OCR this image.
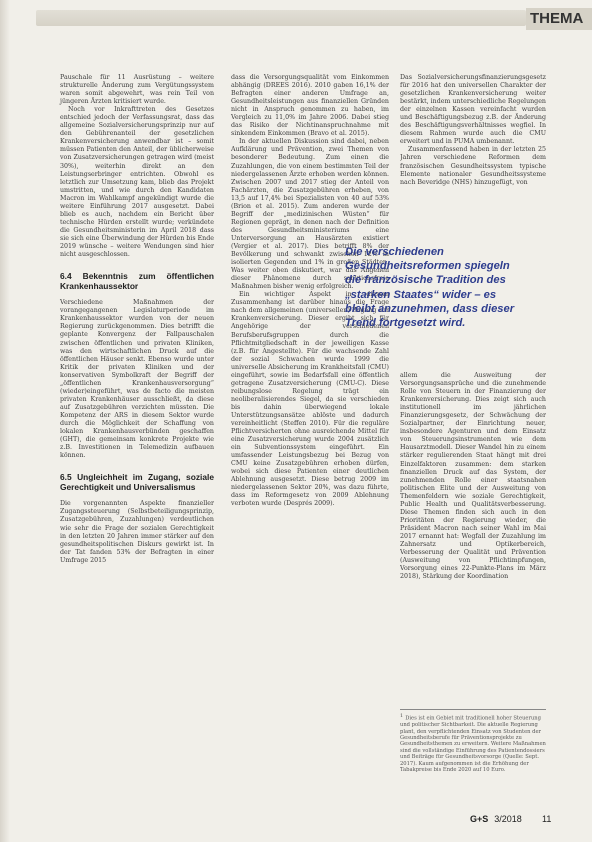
THEMA

Pauschale für 11 Ausrüstung – weitere strukturelle Änderung zum Vergütungssystem waren somit abgewehrt, was rein Teil von jüngeren Ärzten kritisiert wurde.

Noch vor Inkrafttreten des Gesetzes entschied jedoch der Verfassungsrat, dass das allgemeine Sozialversicherungsprinzip nur auf den Gebührenanteil der gesetzlichen Krankenversicherung anwendbar ist – somit müssen Patienten den Anteil, der üblicherweise von Zusatzversicherungen getragen wird (meist 30%), weiterhin direkt an den Leistungserbringer entrichten. Obwohl es letztlich zur Umsetzung kam, blieb das Projekt umstritten, und wie durch den Kandidaten Macron im Wahlkampf angekündigt wurde die weitere Einführung 2017 ausgesetzt. Dabei blieb es auch, nachdem ein Bericht über technische Hürden erstellt wurde; verkündete die Gesundheitsministerin im April 2018 dass sie sich eine Überwindung der Hürden bis Ende 2019 wünsche – weitere Wendungen sind hier nicht ausgeschlossen.

6.4 Bekenntnis zum öffentlichen Krankenhaussektor

Verschiedene Maßnahmen der vorangegangenen Legislaturperiode im Krankenhaussektor wurden von der neuen Regierung zurückgenommen. Dies betrifft die geplante Konvergenz der Fallpauschalen zwischen öffentlichen und privaten Kliniken, was den wirtschaftlichen Druck auf die öffentlichen Häuser senkt. Ebenso wurde unter Kritik der privaten Kliniken und der konservativen Symbolkraft der Begriff der „öffentlichen Krankenhausversorgung“ (wieder)eingeführt, was de facto die meisten privaten Krankenhäuser ausschließt, da diese auf Zusatzgebühren verzichten müssten. Die Kompetenz der ARS in diesem Sektor wurde durch die Möglichkeit der Schaffung von lokalen Krankenhausverbünden geschaffen (GHT), die gemeinsam konkrete Projekte wie z.B. Investitionen in Telemedizin aufbauen können.

6.5 Ungleichheit im Zugang, soziale Gerechtigkeit und Universalismus

Die vorgenannten Aspekte finanzieller Zugangssteuerung (Selbstbeteiligungsprinzip, Zusatzgebühren, Zuzahlungen) verdeutlichen wie sehr die Frage der sozialen Gerechtigkeit in den letzten 20 Jahren immer stärker auf den gesundheitspolitischen Diskurs gewirkt ist. In der Tat fanden 53% der Befragten in einer Umfrage 2015

dass die Versorgungsqualität vom Einkommen abhängig (DREES 2016). 2010 gaben 16,1% der Befragten einer anderen Umfrage an, Gesundheitsleistungen aus finanziellen Gründen nicht in Anspruch genommen zu haben, im Vergleich zu 11,0% im Jahre 2006. Dabei stieg das Risiko der Nichtinanspruchnahme mit sinkendem Einkommen (Bravo et al. 2015).

In der aktuellen Diskussion sind dabei, neben Aufklärung und Prävention, zwei Themen von besonderer Bedeutung. Zum einen die Zuzahlungen, die von einem bestimmten Teil der niedergelassenen Ärzte erhoben werden können. Zwischen 2007 und 2017 stieg der Anteil von Fachärzten, die Zusatzgebühren erheben, von 13,5 auf 17,4% bei Spezialisten von 40 auf 53% (Brion et al. 2015). Zum anderen wurde der Begriff der „medizinischen Wüsten“ für Regionen geprägt, in denen nach der Definition des Gesundheitsministeriums eine Unterversorgung an Hausärzten existiert (Vergier et al. 2017). Dies betrifft 8% der Bevölkerung und schwankt zwischen 12% in isolierten Gegenden und 1% in großen Städten. Was weiter oben diskutiert, war das Angehen dieser Phänomene durch sanktionsfreie Maßnahmen bisher wenig erfolgreich.

Ein wichtiger Aspekt in diesem Zusammenhang ist darüber hinaus die Frage nach dem allgemeinen (universellen) Zugang zur Krankenversicherung. Dieser ergibt sich für Angehörige der verschiedenen Berufsberufsgruppen durch die Pflichtmitgliedschaft in der jeweiligen Kasse (z.B. für Angestellte). Für die wachsende Zahl der sozial Schwachen wurde 1999 die universelle Absicherung im Krankheitsfall (CMU) eingeführt, sowie im Bedarfsfall eine öffentlich getragene Zusatzversicherung (CMU-C). Diese reibungslose Regelung trägt ein neoliberalisierendes Siegel, da sie verschieden bis dahin überwiegend lokale Unterstützungsansätze ablöste und dadurch vereinheitlicht (Steffen 2010). Für die reguläre Pflichtversicherten ohne ausreichende Mittel für eine Zusatzversicherung wurde 2004 zusätzlich ein Subventionssystem eingeführt. Ein umfassender Leistungsbezug bei Bezug von CMU keine Zusatzgebühren erhoben dürfen, wobei sich diese Patienten einer deutlichen Ablehnung ausgesetzt. Diese betrug 2009 im niedergelassenen Sektor 20%, was dazu führte, dass im Reformgesetz von 2009 Ablehnung verboten wurde (Després 2009).

Das Sozialversicherungsfinanzierungsgesetz für 2016 hat den universellen Charakter der gesetzlichen Krankenversicherung weiter bestärkt, indem unterschiedliche Regelungen der einzelnen Kassen vereinfacht wurden und Beschäftigungsbezug z.B. der Änderung des Beschäftigungsverhältnisses wegfiel. In diesem Rahmen wurde auch die CMU erweitert und in PUMA umbenannt.

Zusammenfassend haben in der letzten 25 Jahren verschiedene Reformen dem französischen Gesundheitssystem typische Elemente nationaler Gesundheitssysteme nach Beveridge (NHS) hinzugefügt, von

Die verschiedenen
Gesundheitsreformen spiegeln
die französische Tradition des
„starken Staates“ wider – es
bleibt anzunehmen, dass dieser
Trend fortgesetzt wird.

allem die Ausweitung der Versorgungsansprüche und die zunehmende Rolle von Steuern in der Finanzierung der Krankenversicherung. Dies zeigt sich auch institutionell im jährlichen Finanzierungsgesetz, der Schwächung der Sozialpartner, der Einrichtung neuer, insbesondere Agenturen und dem Einsatz von Steuerungsinstrumenten wie dem Hausarztmodell. Dieser Wandel hin zu einem stärker regulierenden Staat hängt mit drei Einzelfaktoren zusammen: dem starken finanziellen Druck auf das System, der zunehmenden Rolle einer staatsnahen politischen Elite und der Ausweitung von Themenfeldern wie soziale Gerechtigkeit, Public Health und Qualitätsverbesserung. Diese Themen finden sich auch in den Prioritäten der Regierung wieder, die Präsident Macron nach seiner Wahl im Mai 2017 ernannt hat: Wegfall der Zuzahlung im Zahnersatz und Optikerbereich, Verbesserung der Qualität und Prävention (Ausweitung von Pflichtimpfungen, Vorsorgung eines 22-Punkte-Plans im März 2018), Stärkung der Koordination

1 Dies ist ein Gebiet mit traditionell hoher Steuerung und politischer Sichtbarkeit. Die aktuelle Regierung plant, den verpflichtenden Einsatz von Studenten der Gesundheitsberufe für Präventionsprojekte zu Gesundheitsthemen zu erweitern. Weitere Maßnahmen sind die vollständige Einführung des Patientendossiers und Beiträge für Gesundheitsvorsorge (Quelle: Sept. 2017). Kaum aufgenommen ist die Erhöhung der Tabakpreise bis Ende 2020 auf 10 Euro.
G+S 3/2018 11
